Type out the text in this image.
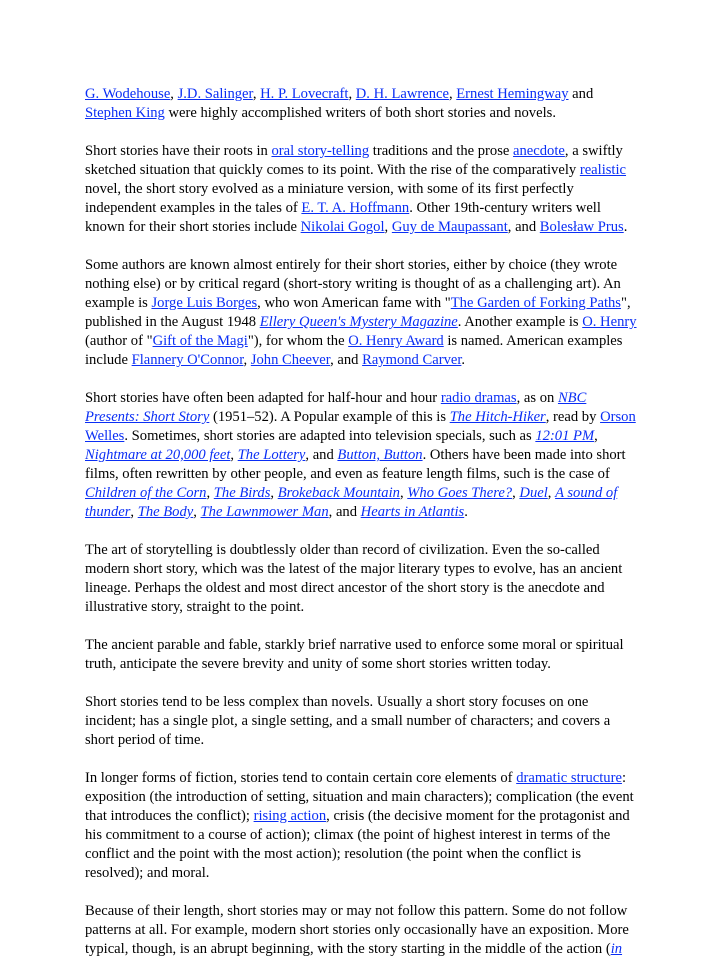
G. Wodehouse, J.D. Salinger, H. P. Lovecraft, D. H. Lawrence, Ernest Hemingway and Stephen King were highly accomplished writers of both short stories and novels.

Short stories have their roots in oral story-telling traditions and the prose anecdote, a swiftly sketched situation that quickly comes to its point. With the rise of the comparatively realistic novel, the short story evolved as a miniature version, with some of its first perfectly independent examples in the tales of E. T. A. Hoffmann. Other 19th-century writers well known for their short stories include Nikolai Gogol, Guy de Maupassant, and Bolesław Prus.

Some authors are known almost entirely for their short stories, either by choice (they wrote nothing else) or by critical regard (short-story writing is thought of as a challenging art). An example is Jorge Luis Borges, who won American fame with "The Garden of Forking Paths", published in the August 1948 Ellery Queen's Mystery Magazine. Another example is O. Henry (author of "Gift of the Magi"), for whom the O. Henry Award is named. American examples include Flannery O'Connor, John Cheever, and Raymond Carver.

Short stories have often been adapted for half-hour and hour radio dramas, as on NBC Presents: Short Story (1951–52). A Popular example of this is The Hitch-Hiker, read by Orson Welles. Sometimes, short stories are adapted into television specials, such as 12:01 PM, Nightmare at 20,000 feet, The Lottery, and Button, Button. Others have been made into short films, often rewritten by other people, and even as feature length films, such is the case of Children of the Corn, The Birds, Brokeback Mountain, Who Goes There?, Duel, A sound of thunder, The Body, The Lawnmower Man, and Hearts in Atlantis.

The art of storytelling is doubtlessly older than record of civilization. Even the so-called modern short story, which was the latest of the major literary types to evolve, has an ancient lineage. Perhaps the oldest and most direct ancestor of the short story is the anecdote and illustrative story, straight to the point.

The ancient parable and fable, starkly brief narrative used to enforce some moral or spiritual truth, anticipate the severe brevity and unity of some short stories written today.

Short stories tend to be less complex than novels. Usually a short story focuses on one incident; has a single plot, a single setting, and a small number of characters; and covers a short period of time.

In longer forms of fiction, stories tend to contain certain core elements of dramatic structure: exposition (the introduction of setting, situation and main characters); complication (the event that introduces the conflict); rising action, crisis (the decisive moment for the protagonist and his commitment to a course of action); climax (the point of highest interest in terms of the conflict and the point with the most action); resolution (the point when the conflict is resolved); and moral.

Because of their length, short stories may or may not follow this pattern. Some do not follow patterns at all. For example, modern short stories only occasionally have an exposition. More typical, though, is an abrupt beginning, with the story starting in the middle of the action (in
